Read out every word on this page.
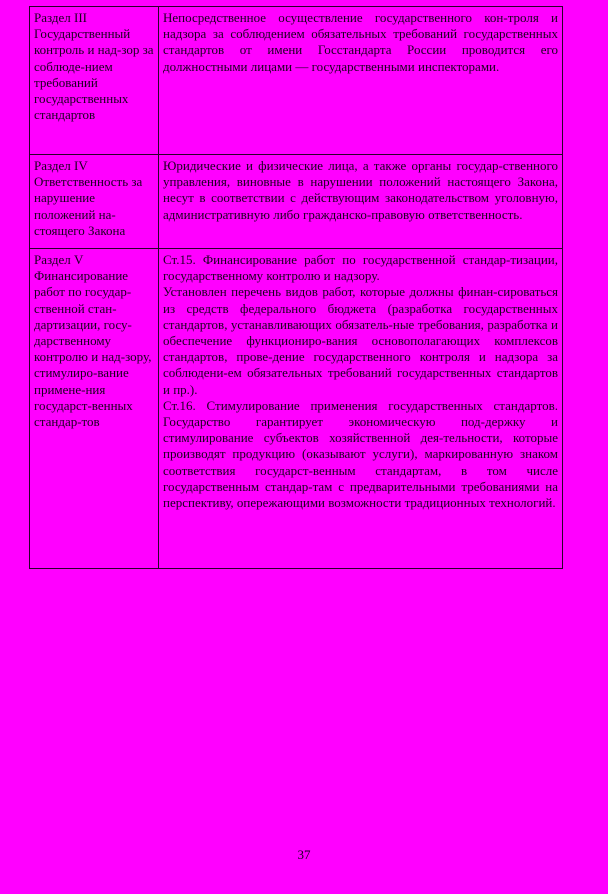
Раздел III Государственный контроль и над-зор за соблюде-нием требований государственных стандартов	Непосредственное осуществление государственного кон-троля и надзора за соблюдением обязательных требований государственных стандартов от имени Госстандарта России проводится его должностными лицами — государственными инспекторами.

Раздел IV Ответственность за нарушение положений на-стоящего Закона	Юридические и физические лица, а также органы государ-ственного управления, виновные в нарушении положений настоящего Закона, несут в соответствии с действующим законодательством уголовную, административную либо гражданско-правовую ответственность.

Раздел V Финансирование работ по государ-ственной стан-дартизации, госу-дарственному контролю и над-зору, стимулиро-вание примене-ния государст-венных стандар-тов	Ст.15. Финансирование работ по государственной стандар-тизации, государственному контролю и надзору.
Установлен перечень видов работ, которые должны финан-сироваться из средств федерального бюджета (разработка государственных стандартов, устанавливающих обязатель-ные требования, разработка и обеспечение функциониро-вания основополагающих комплексов стандартов, прове-дение государственного контроля и надзора за соблюдени-ем обязательных требований государственных стандартов и пр.).
Ст.16. Стимулирование применения государственных стандартов. Государство гарантирует экономическую под-держку и стимулирование субъектов хозяйственной дея-тельности, которые производят продукцию (оказывают услуги), маркированную знаком соответствия государст-венным стандартам, в том числе государственным стандар-там с предварительными требованиями на перспективу, опережающими возможности традиционных технологий.
37
